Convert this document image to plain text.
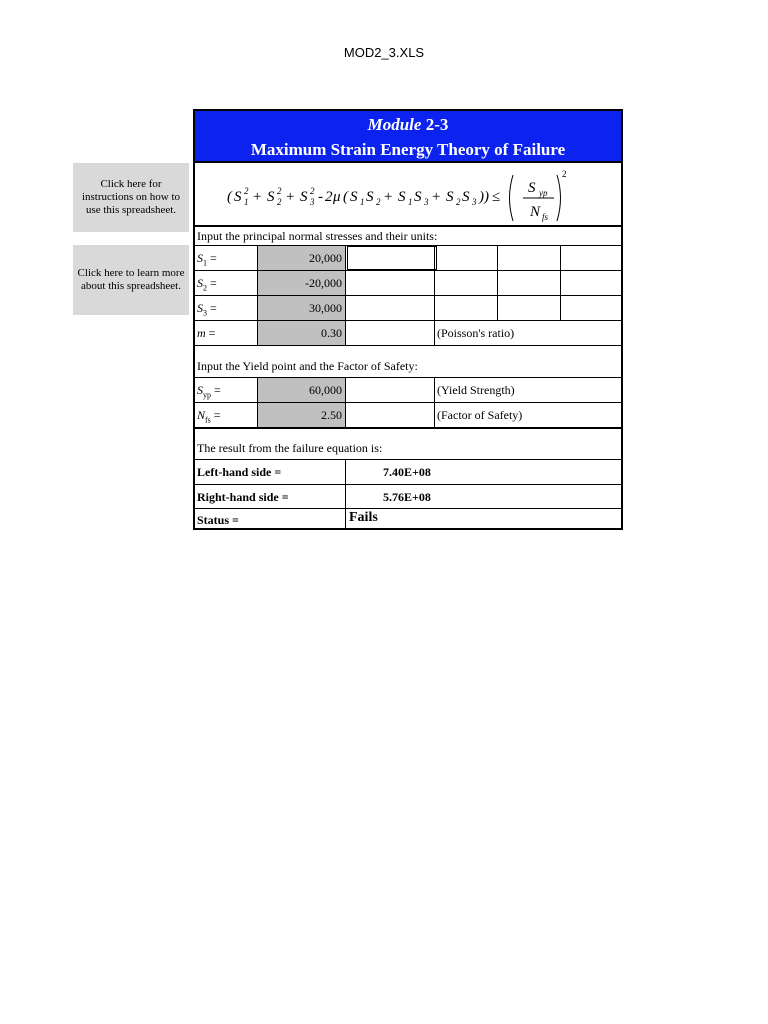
MOD2_3.XLS
Click here for instructions on how to use this spreadsheet.
Click here to learn more about this spreadsheet.
Module 2-3
Maximum Strain Energy Theory of Failure
( S 1
2 + S 2
2 + S 3
2 - 2 μ ( S 1 S 2 + S 1 S 3 + S 2 S 3 )) ≤
S yp
N fs
2
Input the principal normal stresses and their units:
$S_1$ =	20,000
$S_2$ =	-20,000
$S_3$ =	30,000
m =	0.30	(Poisson's ratio)
Input the Yield point and the Factor of Safety:
$S_{yp}$ =	60,000	(Yield Strength)
$N_{fs}$ =	2.50	(Factor of Safety)
The result from the failure equation is:
Left-hand side =	7.40E+08
Right-hand side =	5.76E+08
Status =	Fails
